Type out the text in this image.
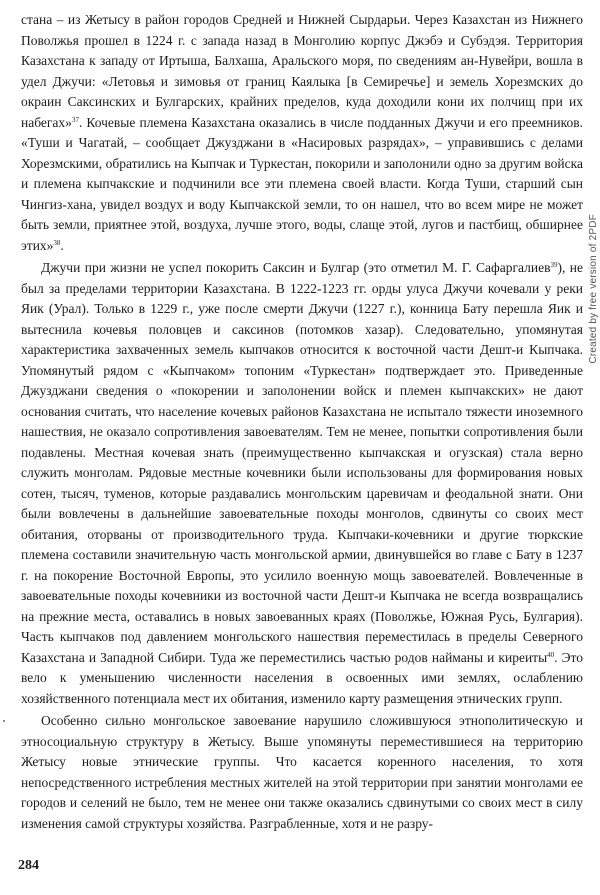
стана – из Жетысу в район городов Средней и Нижней Сырдарьи. Через Казахстан из Нижнего Поволжья прошел в 1224 г. с запада назад в Монголию корпус Джэбэ и Субэдэя. Территория Казахстана к западу от Иртыша, Балхаша, Аральского моря, по сведениям ан-Нувейри, вошла в удел Джучи: «Летовья и зимовья от границ Каялыка [в Семиречье] и земель Хорезмских до окраин Саксинских и Булгарских, крайних пределов, куда доходили кони их полчищ при их набегах»$^{37}$. Кочевые племена Казахстана оказались в числе подданных Джучи и его преемников. «Туши и Чагатай, – сообщает Джузджани в «Насировых разрядах», – управившись с делами Хорезмскими, обратились на Кыпчак и Туркестан, покорили и заполонили одно за другим войска и племена кыпчакские и подчинили все эти племена своей власти. Когда Туши, старший сын Чингиз-хана, увидел воздух и воду Кыпчакской земли, то он нашел, что во всем мире не может быть земли, приятнее этой, воздуха, лучше этого, воды, слаще этой, лугов и пастбищ, обширнее этих»$^{38}$.

Джучи при жизни не успел покорить Саксин и Булгар (это отметил М. Г. Сафаргалиев$^{39}$), не был за пределами территории Казахстана. В 1222-1223 гг. орды улуса Джучи кочевали у реки Яик (Урал). Только в 1229 г., уже после смерти Джучи (1227 г.), конница Бату перешла Яик и вытеснила кочевья половцев и саксинов (потомков хазар). Следовательно, упомянутая характеристика захваченных земель кыпчаков относится к восточной части Дешт-и Кыпчака. Упомянутый рядом с «Кыпчаком» топоним «Туркестан» подтверждает это. Приведенные Джузджани сведения о «покорении и заполонении войск и племен кыпчакских» не дают основания считать, что население кочевых районов Казахстана не испытало тяжести иноземного нашествия, не оказало сопротивления завоевателям. Тем не менее, попытки сопротивления были подавлены. Местная кочевая знать (преимущественно кыпчакская и огузская) стала верно служить монголам. Рядовые местные кочевники были использованы для формирования новых сотен, тысяч, туменов, которые раздавались монгольским царевичам и феодальной знати. Они были вовлечены в дальнейшие завоевательные походы монголов, сдвинуты со своих мест обитания, оторваны от производительного труда. Кыпчаки-кочевники и другие тюркские племена составили значительную часть монгольской армии, двинувшейся во главе с Бату в 1237 г. на покорение Восточной Европы, это усилило военную мощь завоевателей. Вовлеченные в завоевательные походы кочевники из восточной части Дешт-и Кыпчака не всегда возвращались на прежние места, оставались в новых завоеванных краях (Поволжье, Южная Русь, Булгария). Часть кыпчаков под давлением монгольского нашествия переместилась в пределы Северного Казахстана и Западной Сибири. Туда же переместились частью родов найманы и киреиты$^{40}$. Это вело к уменьшению численности населения в освоенных ими землях, ослаблению хозяйственного потенциала мест их обитания, изменило карту размещения этнических групп.

Особенно сильно монгольское завоевание нарушило сложившуюся этнополитическую и этносоциальную структуру в Жетысу. Выше упомянуты переместившиеся на территорию Жетысу новые этнические группы. Что касается коренного населения, то хотя непосредственного истребления местных жителей на этой территории при занятии монголами ее городов и селений не было, тем не менее они также оказались сдвинутыми со своих мест в силу изменения самой структуры хозяйства. Разграбленные, хотя и не разру-

284
Created by free version of 2PDF
